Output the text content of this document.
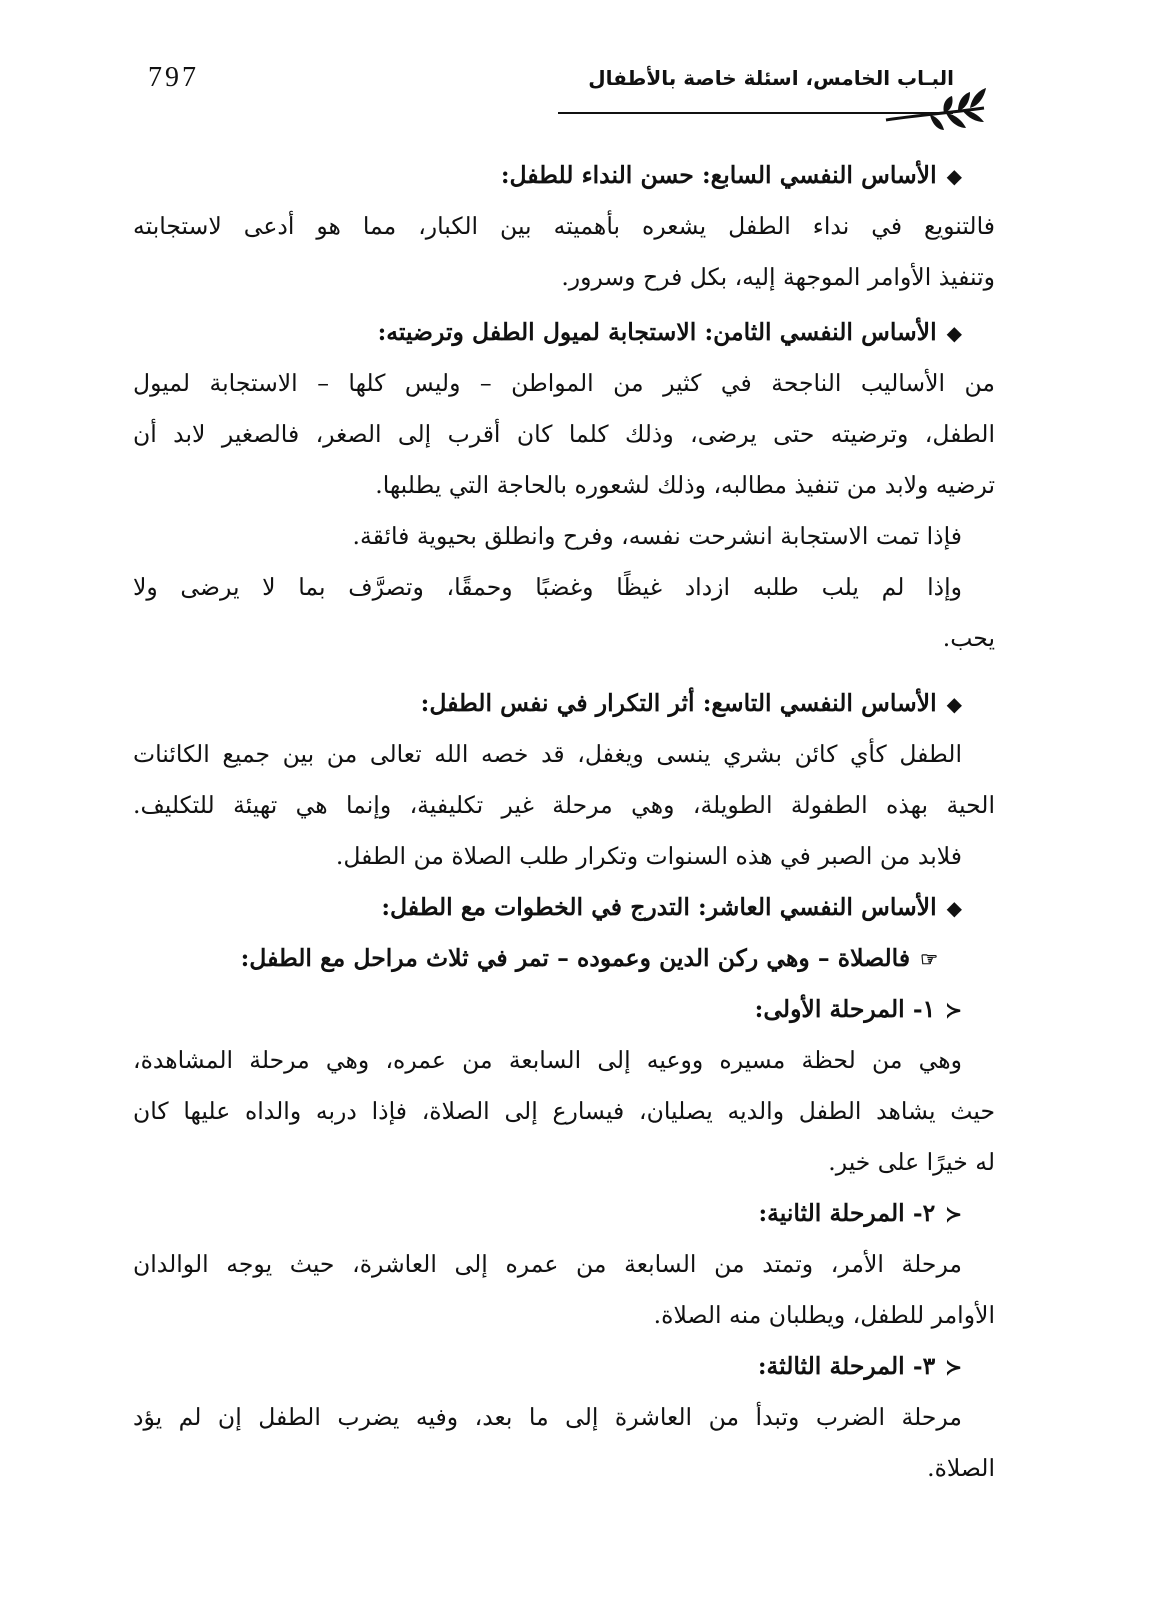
797	البـاب الخامس، اسئلة خاصة بالأطفال
◆الأساس النفسي السابع: حسن النداء للطفل:
فالتنويع في نداء الطفل يشعره بأهميته بين الكبار، مما هو أدعى لاستجابته
وتنفيذ الأوامر الموجهة إليه، بكل فرح وسرور.
◆الأساس النفسي الثامن: الاستجابة لميول الطفل وترضيته:
من الأساليب الناجحة في كثير من المواطن – وليس كلها – الاستجابة لميول
الطفل، وترضيته حتى يرضى، وذلك كلما كان أقرب إلى الصغر، فالصغير لابد أن
ترضيه ولابد من تنفيذ مطالبه، وذلك لشعوره بالحاجة التي يطلبها.
فإذا تمت الاستجابة انشرحت نفسه، وفرح وانطلق بحيوية فائقة.
وإذا لم يلب طلبه ازداد غيظًا وغضبًا وحمقًا، وتصرَّف بما لا يرضى ولا
يحب.
◆الأساس النفسي التاسع: أثر التكرار في نفس الطفل:
الطفل كأي كائن بشري ينسى ويغفل، قد خصه الله تعالى من بين جميع الكائنات
الحية بهذه الطفولة الطويلة، وهي مرحلة غير تكليفية، وإنما هي تهيئة للتكليف.
فلابد من الصبر في هذه السنوات وتكرار طلب الصلاة من الطفل.
◆الأساس النفسي العاشر: التدرج في الخطوات مع الطفل:
☞فالصلاة – وهي ركن الدين وعموده – تمر في ثلاث مراحل مع الطفل:
≺١- المرحلة الأولى:
وهي من لحظة مسيره ووعيه إلى السابعة من عمره، وهي مرحلة المشاهدة،
حيث يشاهد الطفل والديه يصليان، فيسارع إلى الصلاة، فإذا دربه والداه عليها كان
له خيرًا على خير.
≺٢- المرحلة الثانية:
مرحلة الأمر، وتمتد من السابعة من عمره إلى العاشرة، حيث يوجه الوالدان
الأوامر للطفل، ويطلبان منه الصلاة.
≺٣- المرحلة الثالثة:
مرحلة الضرب وتبدأ من العاشرة إلى ما بعد، وفيه يضرب الطفل إن لم يؤد
الصلاة.
